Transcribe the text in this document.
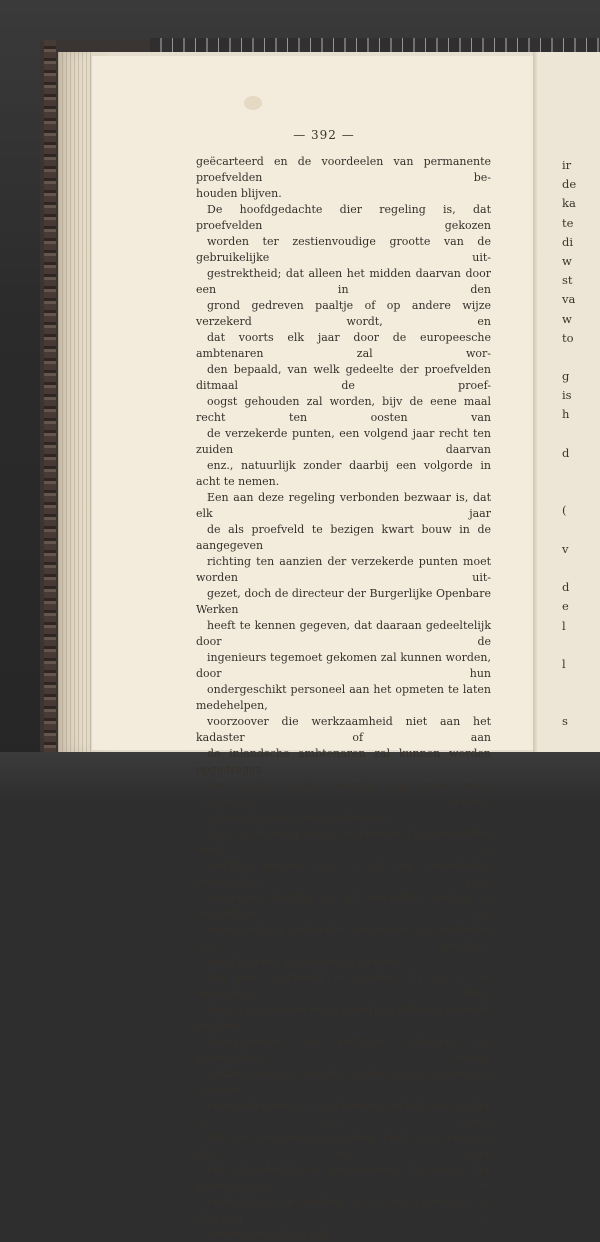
ir
de
ka
te
di
w
st
va
w
to
g
is
h
d
(
v
d
e
l
l
s
— 392 —

geëcarteerd en de voordeelen van permanente proefvelden be-
houden blijven.

De hoofdgedachte dier regeling is, dat proefvelden gekozen
worden ter zestienvoudige grootte van de gebruikelijke uit-
gestrektheid; dat alleen het midden daarvan door een in den
grond gedreven paaltje of op andere wijze verzekerd wordt, en
dat voorts elk jaar door de europeesche ambtenaren zal wor-
den bepaald, van welk gedeelte der proefvelden ditmaal de proef-
oogst gehouden zal worden, bijv de eene maal recht ten oosten van
de verzekerde punten, een volgend jaar recht ten zuiden daarvan
enz., natuurlijk zonder daarbij een volgorde in acht te nemen.

Een aan deze regeling verbonden bezwaar is, dat elk jaar
de als proefveld te bezigen kwart bouw in de aangegeven
richting ten aanzien der verzekerde punten moet worden uit-
gezet, doch de directeur der Burgerlijke Openbare Werken
heeft te kennen gegeven, dat daaraan gedeeltelijk door de
ingenieurs tegemoet gekomen zal kunnen worden, door hun
ondergeschikt personeel aan het opmeten te laten medehelpen,
voorzoover die werkzaamheid niet aan het kadaster of aan
de inlandsche ambtenaren zal kunnen worden opgedragen.

Een ander punt, waarbij nog even moet stilgestaan worden,
is het uitzoeken der proefvelden.

Voor de streken, waar de nieuwe irrigatiewerken reeds in
werking gesteld zijn, is dit een betrekkelijk eenvoudige zaak
aangezien daarbij de uit eenzelfde leiding of denzelfden tak
eener leiding bevloeide complexen als eenheden van beschou-
wing kunnen aangenomen worden

Om een voorbeeld te stellen: bij de in de residentie Rem-
bang uitgevoerde Rening-werken zullen binnen de bevloei-
ingsgebieden der tertiaire leidingen als proefvelden eenige
vakken gekozen worden, welke geacht worden in normale
omstandigheden te verkeeren, terwijl ook weder in het geval
dat die bevloeiingsgebieden klein van omvang zijn, en door
elk afzonderlijk te beschouwen het werk der proefoogsten te
omslachtig zou worden, ze in den regel wel tot groepen te
vereenigen zullen zijn.
